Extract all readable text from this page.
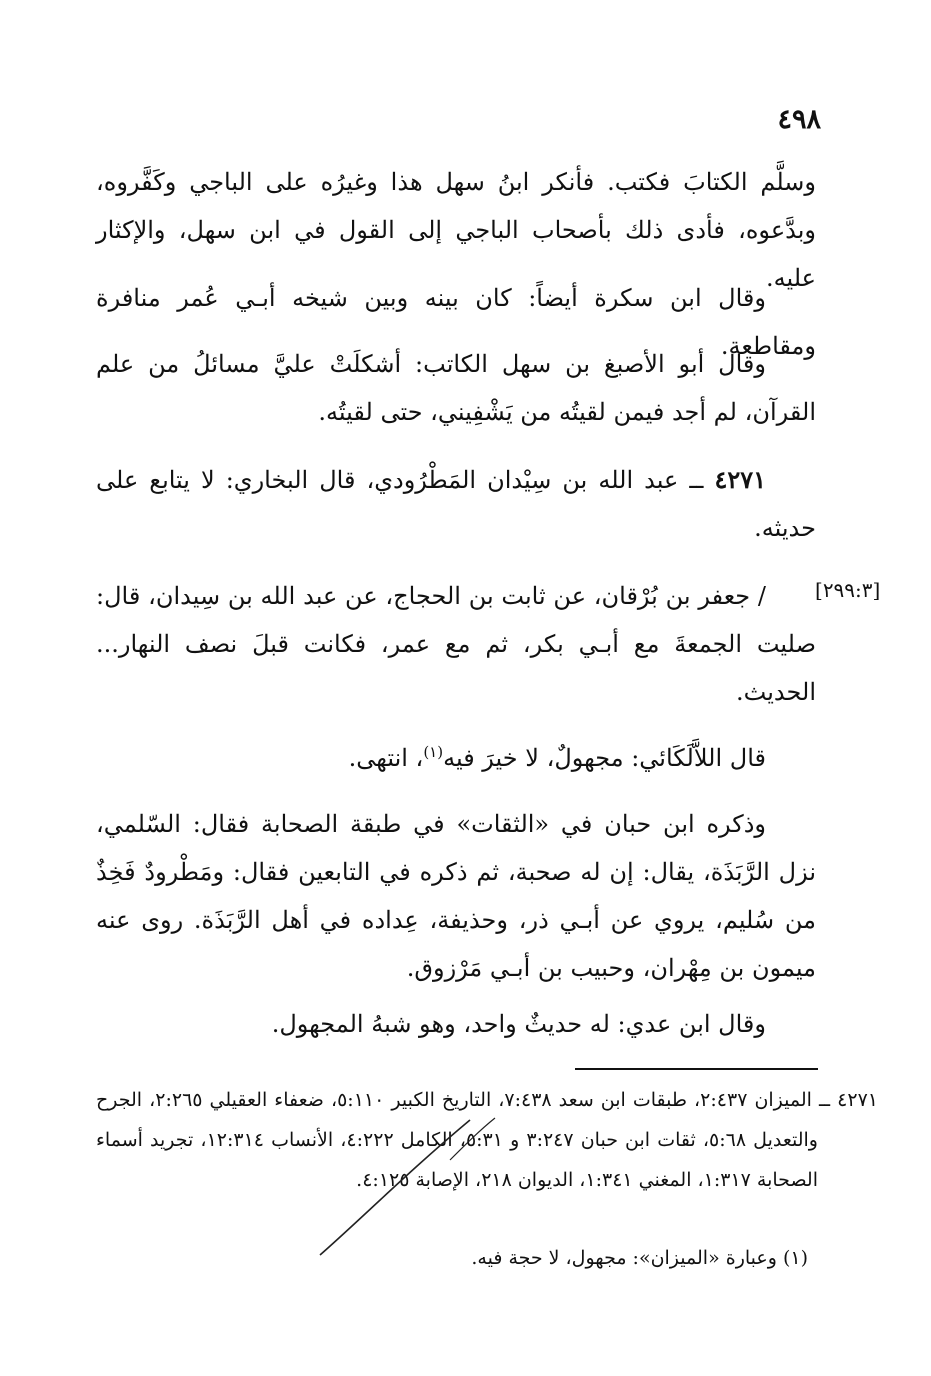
٤٩٨
وسلَّم الكتابَ فكتب. فأنكر ابنُ سهل هذا وغيرُه على الباجي وكَفَّروه، وبدَّعوه، فأدى ذلك بأصحاب الباجي إلى القول في ابن سهل، والإكثار عليه.
وقال ابن سكرة أيضاً: كان بينه وبين شيخه أبـي عُمر منافرة ومقاطعة.
وقال أبو الأصبغ بن سهل الكاتب: أشكلَتْ عليَّ مسائلُ من علم القرآن، لم أجد فيمن لقيتُه من يَشْفِيني، حتى لقيتُه.
٤٢٧١ ــ عبد الله بن سِيْدان المَطْرُودي، قال البخاري: لا يتابع على حديثه.
[٢٩٩:٣]
/ جعفر بن بُرْقان، عن ثابت بن الحجاج، عن عبد الله بن سِيدان، قال: صليت الجمعةَ مع أبـي بكر، ثم مع عمر، فكانت قبلَ نصف النهار... الحديث.
قال اللاَّلَكَائي: مجهولٌ، لا خيرَ فيه$^{(١)}$، انتهى.
وذكره ابن حبان في «الثقات» في طبقة الصحابة فقال: السّلمي، نزل الرَّبَذَة، يقال: إن له صحبة، ثم ذكره في التابعين فقال: ومَطْرودٌ فَخِذٌ من سُليم، يروي عن أبـي ذر، وحذيفة، عِداده في أهل الرَّبَذَة. روى عنه ميمون بن مِهْران، وحبيب بن أبـي مَرْزوق.
وقال ابن عدي: له حديثٌ واحد، وهو شبهُ المجهول.
٤٢٧١ ــ الميزان ٢:٤٣٧، طبقات ابن سعد ٧:٤٣٨، التاريخ الكبير ٥:١١٠، ضعفاء العقيلي ٢:٢٦٥، الجرح والتعديل ٥:٦٨، ثقات ابن حبان ٣:٢٤٧ و ٥:٣١، الكامل ٤:٢٢٢، الأنساب ١٢:٣١٤، تجريد أسماء الصحابة ١:٣١٧، المغني ١:٣٤١، الديوان ٢١٨، الإصابة ٤:١٢٥.
(١) وعبارة «الميزان»: مجهول، لا حجة فيه.
